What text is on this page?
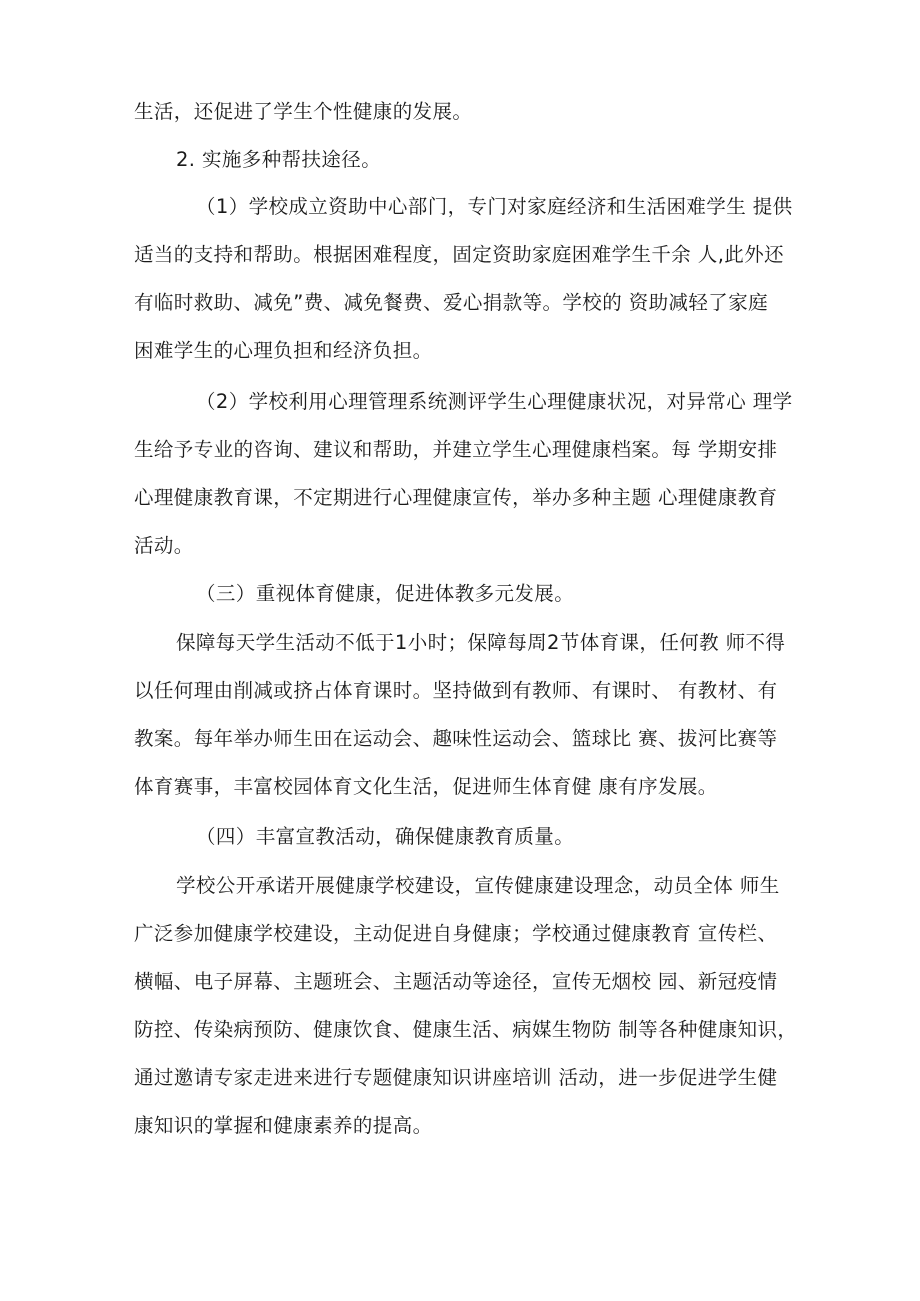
生活，还促进了学生个性健康的发展。
2. 实施多种帮扶途径。
（1）学校成立资助中心部门，专门对家庭经济和生活困难学生 提供
适当的支持和帮助。根据困难程度，固定资助家庭困难学生千余 人,此外还
有临时救助、减免”费、减免餐费、爱心捐款等。学校的 资助减轻了家庭
困难学生的心理负担和经济负担。
（2）学校利用心理管理系统测评学生心理健康状况，对异常心 理学
生给予专业的咨询、建议和帮助，并建立学生心理健康档案。每 学期安排
心理健康教育课，不定期进行心理健康宣传，举办多种主题 心理健康教育
活动。
（三）重视体育健康，促进体教多元发展。
保障每天学生活动不低于1小时；保障每周2节体育课，任何教 师不得
以任何理由削减或挤占体育课时。坚持做到有教师、有课时、 有教材、有
教案。每年举办师生田在运动会、趣味性运动会、篮球比 赛、拔河比赛等
体育赛事，丰富校园体育文化生活，促进师生体育健 康有序发展。
（四）丰富宣教活动，确保健康教育质量。
学校公开承诺开展健康学校建设，宣传健康建设理念，动员全体 师生
广泛参加健康学校建设，主动促进自身健康；学校通过健康教育 宣传栏、
横幅、电子屏幕、主题班会、主题活动等途径，宣传无烟校 园、新冠疫情
防控、传染病预防、健康饮食、健康生活、病媒生物防 制等各种健康知识，
通过邀请专家走进来进行专题健康知识讲座培训 活动，进一步促进学生健
康知识的掌握和健康素养的提高。
